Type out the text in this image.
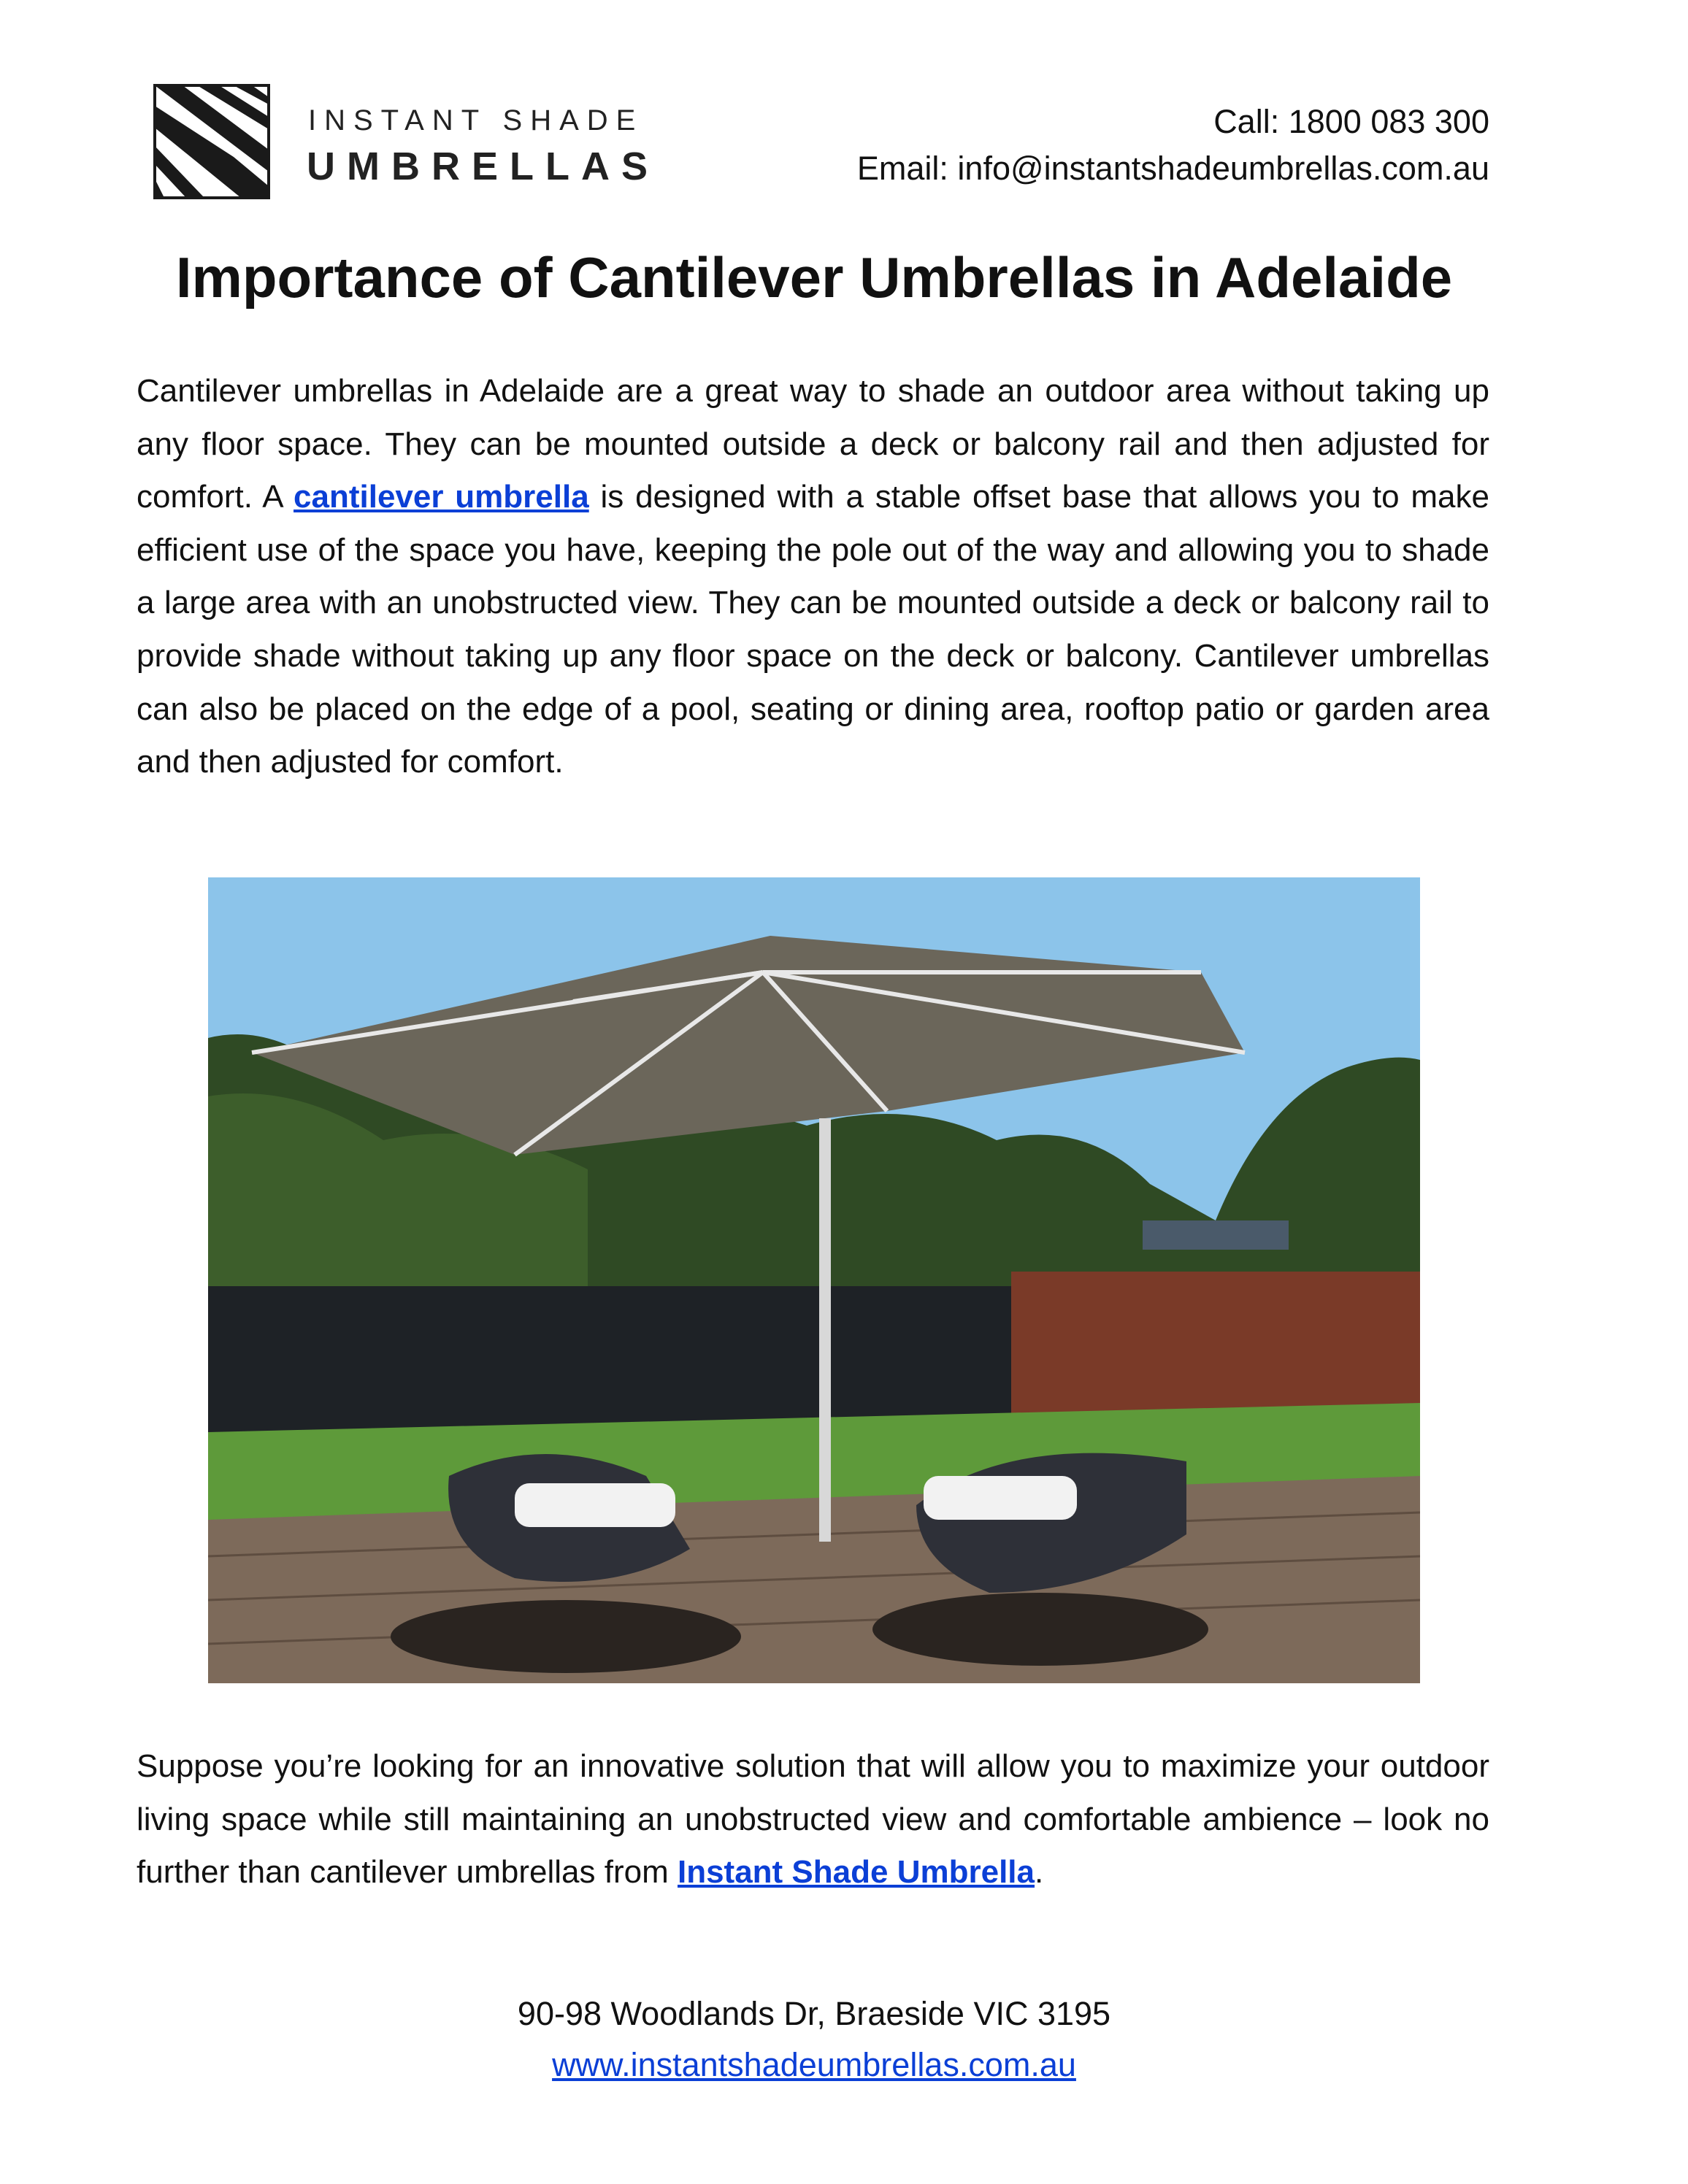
INSTANT SHADE
UMBRELLAS
Call: 1800 083 300
Email: info@instantshadeumbrellas.com.au
Importance of Cantilever Umbrellas in Adelaide
Cantilever umbrellas in Adelaide are a great way to shade an outdoor area without taking up any floor space. They can be mounted outside a deck or balcony rail and then adjusted for comfort. A cantilever umbrella is designed with a stable offset base that allows you to make efficient use of the space you have, keeping the pole out of the way and allowing you to shade a large area with an unobstructed view. They can be mounted outside a deck or balcony rail to provide shade without taking up any floor space on the deck or balcony. Cantilever umbrellas can also be placed on the edge of a pool, seating or dining area, rooftop patio or garden area and then adjusted for comfort.
Suppose you’re looking for an innovative solution that will allow you to maximize your outdoor living space while still maintaining an unobstructed view and comfortable ambience – look no further than cantilever umbrellas from Instant Shade Umbrella.
90-98 Woodlands Dr, Braeside VIC 3195
www.instantshadeumbrellas.com.au
